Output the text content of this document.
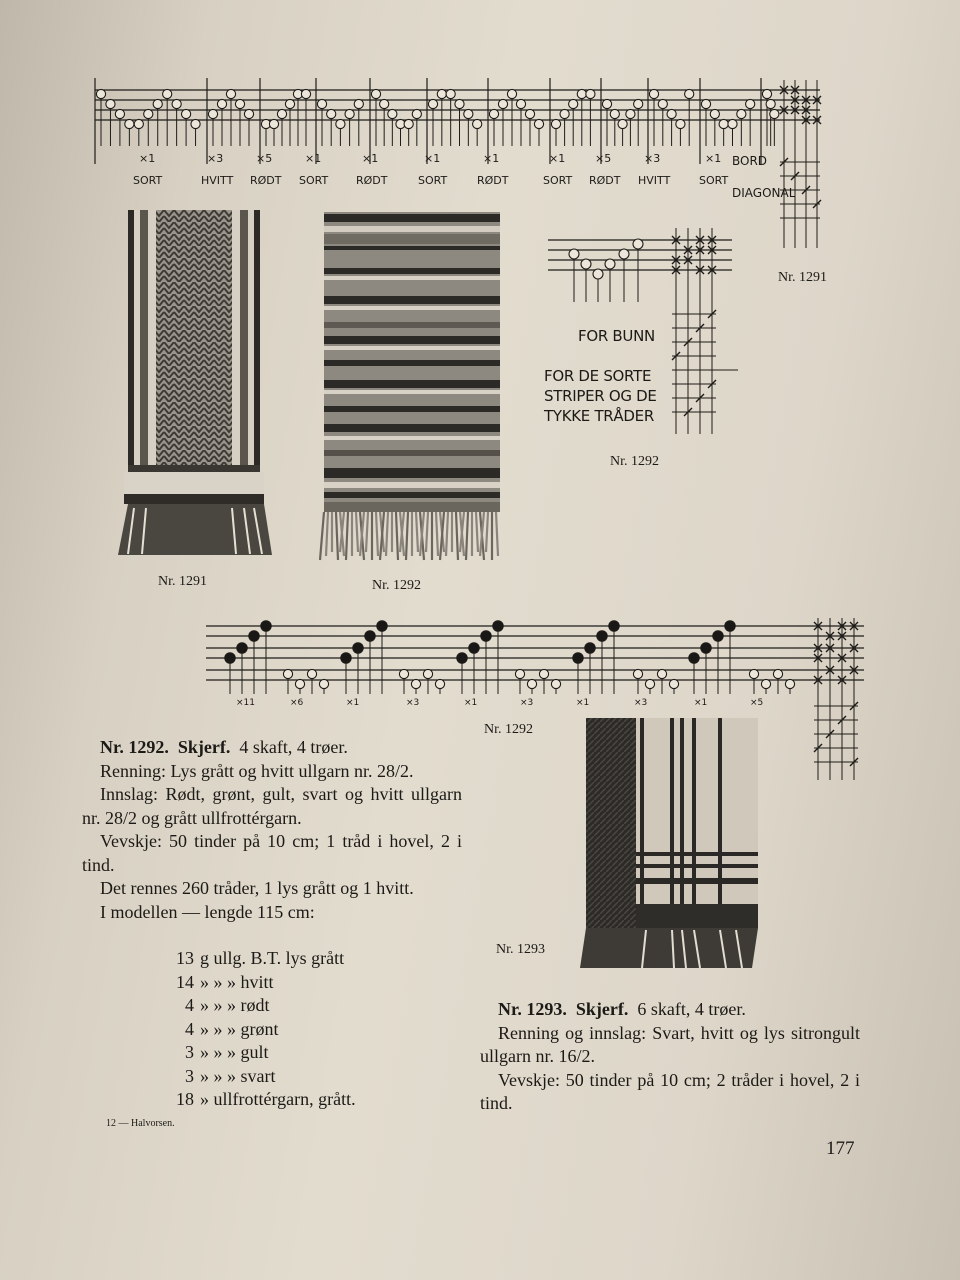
×1	×3	×5	×1	×1	×1	×1	×1	×5	×3	×1
SORT	HVITT RØDT SORT	RØDT	SORT	RØDT	SORT RØDT HVITT	SORT
BORD
DIAGONAL
Nr. 1291
Nr. 1291	Nr. 1292
FOR BUNN
FOR DE SORTE
STRIPER OG DE
TYKKE TRÅDER
Nr. 1292
×11	×6	×1	×3	×1	×3	×1	×3	×1	×5
Nr. 1292

Nr. 1292. Skjerf. 4 skaft, 4 trøer.

Renning: Lys grått og hvitt ullgarn nr. 28/2.

Innslag: Rødt, grønt, gult, svart og hvitt ullgarn nr. 28/2 og grått ullfrottérgarn.

Vevskje: 50 tinder på 10 cm; 1 tråd i hovel, 2 i tind.

Det rennes 260 tråder, 1 lys grått og 1 hvitt.

I modellen — lengde 115 cm:

13 g ullg. B.T. lys grått
14 » » » hvitt
4 » » » rødt
4 » » » grønt
3 » » » gult
3 » » » svart
18 » ullfrottérgarn, grått.
Nr. 1293

Nr. 1293. Skjerf. 6 skaft, 4 trøer.

Renning og innslag: Svart, hvitt og lys sitrongult ullgarn nr. 16/2.

Vevskje: 50 tinder på 10 cm; 2 tråder i hovel, 2 i tind.

12 — Halvorsen.
177
